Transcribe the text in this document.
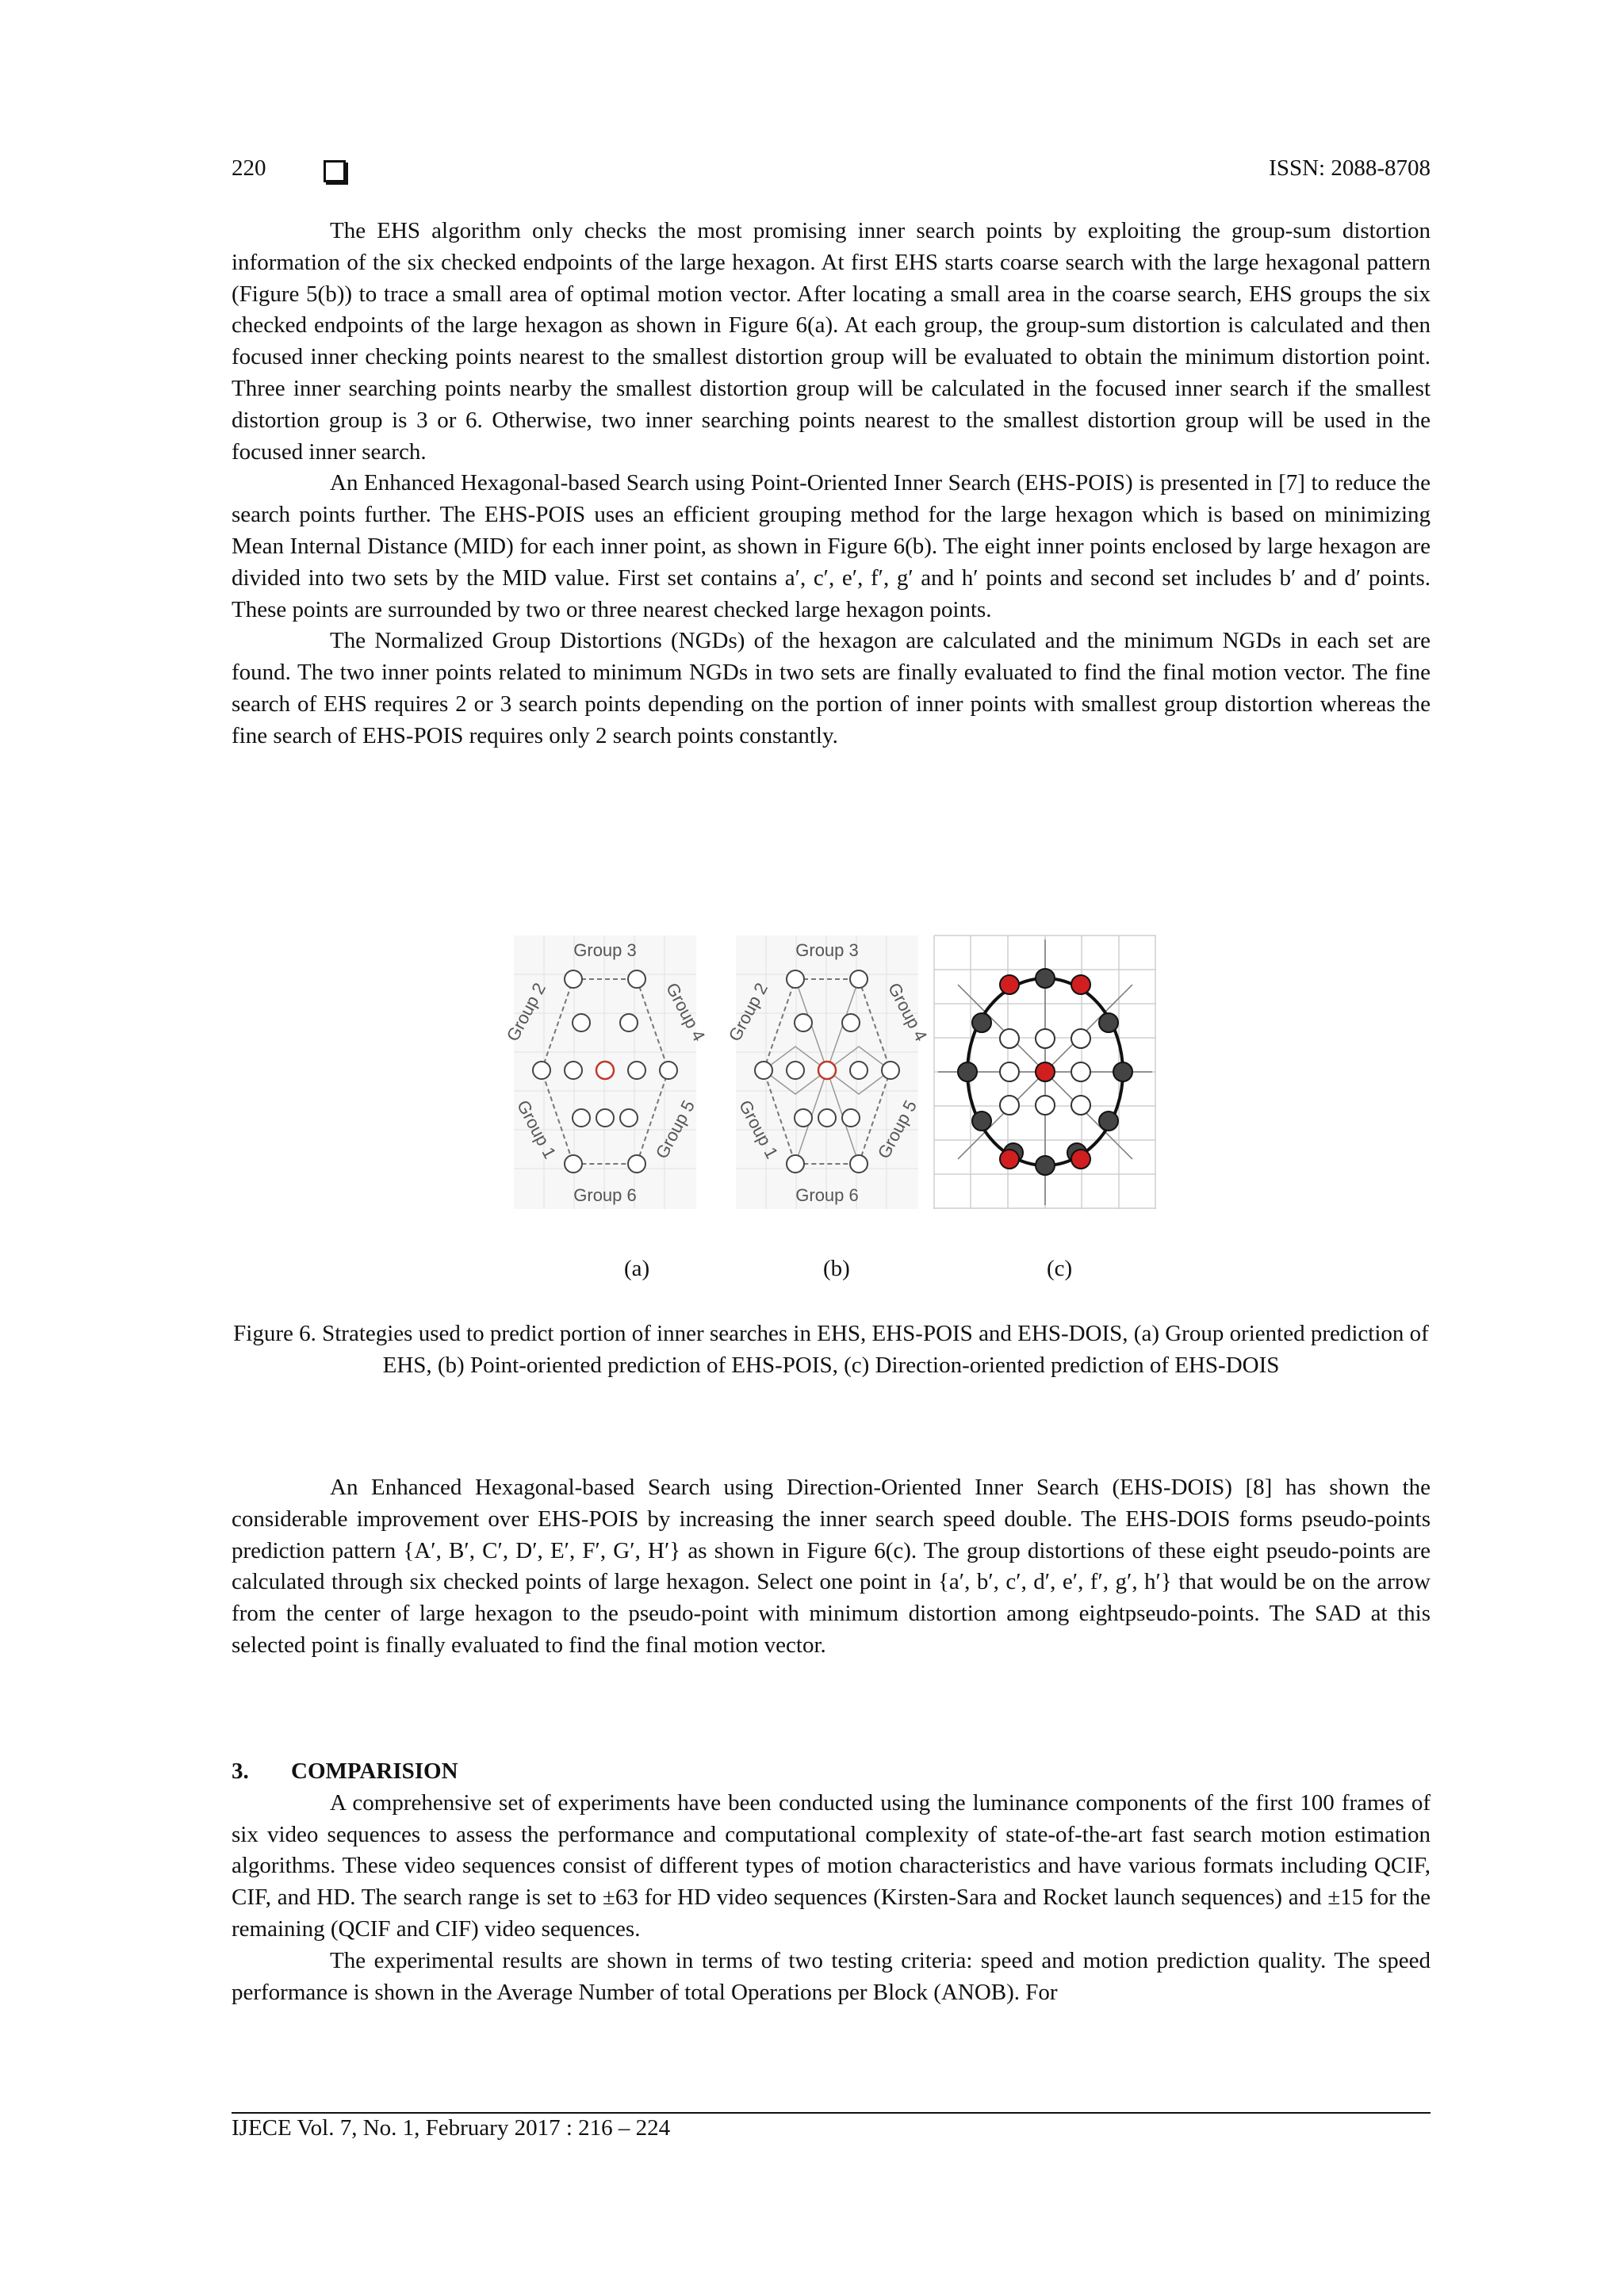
220	ISSN: 2088-8708

The EHS algorithm only checks the most promising inner search points by exploiting the group-sum distortion information of the six checked endpoints of the large hexagon. At first EHS starts coarse search with the large hexagonal pattern (Figure 5(b)) to trace a small area of optimal motion vector. After locating a small area in the coarse search, EHS groups the six checked endpoints of the large hexagon as shown in Figure 6(a). At each group, the group-sum distortion is calculated and then focused inner checking points nearest to the smallest distortion group will be evaluated to obtain the minimum distortion point. Three inner searching points nearby the smallest distortion group will be calculated in the focused inner search if the smallest distortion group is 3 or 6. Otherwise, two inner searching points nearest to the smallest distortion group will be used in the focused inner search.

An Enhanced Hexagonal-based Search using Point-Oriented Inner Search (EHS-POIS) is presented in [7] to reduce the search points further. The EHS-POIS uses an efficient grouping method for the large hexagon which is based on minimizing Mean Internal Distance (MID) for each inner point, as shown in Figure 6(b). The eight inner points enclosed by large hexagon are divided into two sets by the MID value. First set contains a′, c′, e′, f′, g′ and h′ points and second set includes b′ and d′ points. These points are surrounded by two or three nearest checked large hexagon points.

The Normalized Group Distortions (NGDs) of the hexagon are calculated and the minimum NGDs in each set are found. The two inner points related to minimum NGDs in two sets are finally evaluated to find the final motion vector. The fine search of EHS requires 2 or 3 search points depending on the portion of inner points with smallest group distortion whereas the fine search of EHS-POIS requires only 2 search points constantly.

Group 3
Group 6
Group 2	Group 4
Group 1	Group 5
Group 3
Group 6
Group 2	Group 4
Group 1	Group 5
(a)	(b)	(c)
Figure 6. Strategies used to predict portion of inner searches in EHS, EHS-POIS and EHS-DOIS, (a) Group oriented prediction of EHS, (b) Point-oriented prediction of EHS-POIS, (c) Direction-oriented prediction of EHS-DOIS

An Enhanced Hexagonal-based Search using Direction-Oriented Inner Search (EHS-DOIS) [8] has shown the considerable improvement over EHS-POIS by increasing the inner search speed double. The EHS-DOIS forms pseudo-points prediction pattern {A′, B′, C′, D′, E′, F′, G′, H′} as shown in Figure 6(c). The group distortions of these eight pseudo-points are calculated through six checked points of large hexagon. Select one point in {a′, b′, c′, d′, e′, f′, g′, h′} that would be on the arrow from the center of large hexagon to the pseudo-point with minimum distortion among eightpseudo-points. The SAD at this selected point is finally evaluated to find the final motion vector.

3. COMPARISION

A comprehensive set of experiments have been conducted using the luminance components of the first 100 frames of six video sequences to assess the performance and computational complexity of state-of-the-art fast search motion estimation algorithms. These video sequences consist of different types of motion characteristics and have various formats including QCIF, CIF, and HD. The search range is set to ±63 for HD video sequences (Kirsten-Sara and Rocket launch sequences) and ±15 for the remaining (QCIF and CIF) video sequences.

The experimental results are shown in terms of two testing criteria: speed and motion prediction quality. The speed performance is shown in the Average Number of total Operations per Block (ANOB). For

IJECE Vol. 7, No. 1, February 2017 : 216 – 224
